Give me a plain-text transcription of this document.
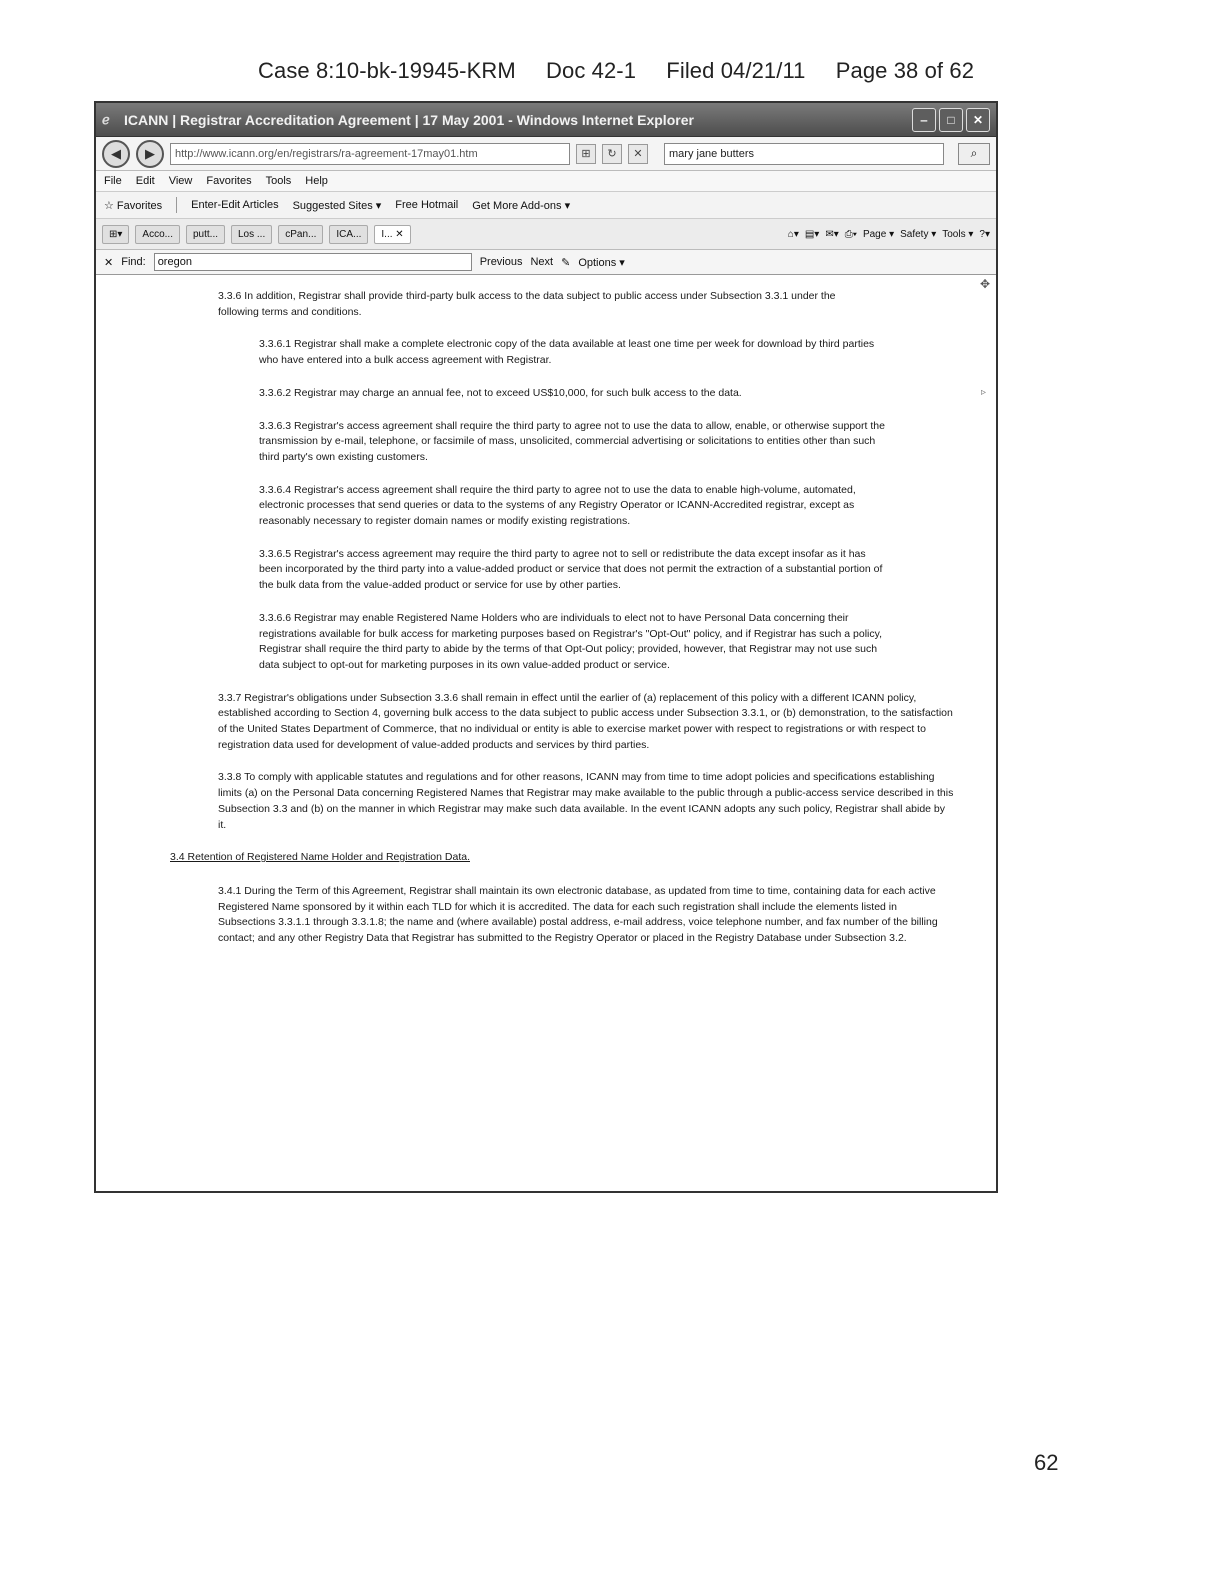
Case 8:10-bk-19945-KRM Doc 42-1 Filed 04/21/11 Page 38 of 62
ℯ	ICANN | Registrar Accreditation Agreement | 17 May 2001 - Windows Internet Explorer	‒	□	✕
◀	▶	http://www.icann.org/en/registrars/ra-agreement-17may01.htm	⊞	↻	✕	mary jane butters	⌕
File Edit View Favorites Tools Help
☆ Favorites	Enter-Edit Articles Suggested Sites ▾ Free Hotmail Get More Add-ons ▾
⊞▾	Acco...	putt...	Los ...	cPan...	ICA...	I... ✕	⌂▾ ▤▾ ✉▾ ⎙▾ Page ▾ Safety ▾ Tools ▾ ?▾
✕ Find:	oregon	Previous Next ✎ Options ▾
✥
▹

3.3.6 In addition, Registrar shall provide third-party bulk access to the data subject to public access under Subsection 3.3.1 under the following terms and conditions.

3.3.6.1 Registrar shall make a complete electronic copy of the data available at least one time per week for download by third parties who have entered into a bulk access agreement with Registrar.

3.3.6.2 Registrar may charge an annual fee, not to exceed US$10,000, for such bulk access to the data.

3.3.6.3 Registrar's access agreement shall require the third party to agree not to use the data to allow, enable, or otherwise support the transmission by e-mail, telephone, or facsimile of mass, unsolicited, commercial advertising or solicitations to entities other than such third party's own existing customers.

3.3.6.4 Registrar's access agreement shall require the third party to agree not to use the data to enable high-volume, automated, electronic processes that send queries or data to the systems of any Registry Operator or ICANN-Accredited registrar, except as reasonably necessary to register domain names or modify existing registrations.

3.3.6.5 Registrar's access agreement may require the third party to agree not to sell or redistribute the data except insofar as it has been incorporated by the third party into a value-added product or service that does not permit the extraction of a substantial portion of the bulk data from the value-added product or service for use by other parties.

3.3.6.6 Registrar may enable Registered Name Holders who are individuals to elect not to have Personal Data concerning their registrations available for bulk access for marketing purposes based on Registrar's "Opt-Out" policy, and if Registrar has such a policy, Registrar shall require the third party to abide by the terms of that Opt-Out policy; provided, however, that Registrar may not use such data subject to opt-out for marketing purposes in its own value-added product or service.

3.3.7 Registrar's obligations under Subsection 3.3.6 shall remain in effect until the earlier of (a) replacement of this policy with a different ICANN policy, established according to Section 4, governing bulk access to the data subject to public access under Subsection 3.3.1, or (b) demonstration, to the satisfaction of the United States Department of Commerce, that no individual or entity is able to exercise market power with respect to registrations or with respect to registration data used for development of value-added products and services by third parties.

3.3.8 To comply with applicable statutes and regulations and for other reasons, ICANN may from time to time adopt policies and specifications establishing limits (a) on the Personal Data concerning Registered Names that Registrar may make available to the public through a public-access service described in this Subsection 3.3 and (b) on the manner in which Registrar may make such data available. In the event ICANN adopts any such policy, Registrar shall abide by it.

3.4 Retention of Registered Name Holder and Registration Data.

3.4.1 During the Term of this Agreement, Registrar shall maintain its own electronic database, as updated from time to time, containing data for each active Registered Name sponsored by it within each TLD for which it is accredited. The data for each such registration shall include the elements listed in Subsections 3.3.1.1 through 3.3.1.8; the name and (where available) postal address, e-mail address, voice telephone number, and fax number of the billing contact; and any other Registry Data that Registrar has submitted to the Registry Operator or placed in the Registry Database under Subsection 3.2.

62
